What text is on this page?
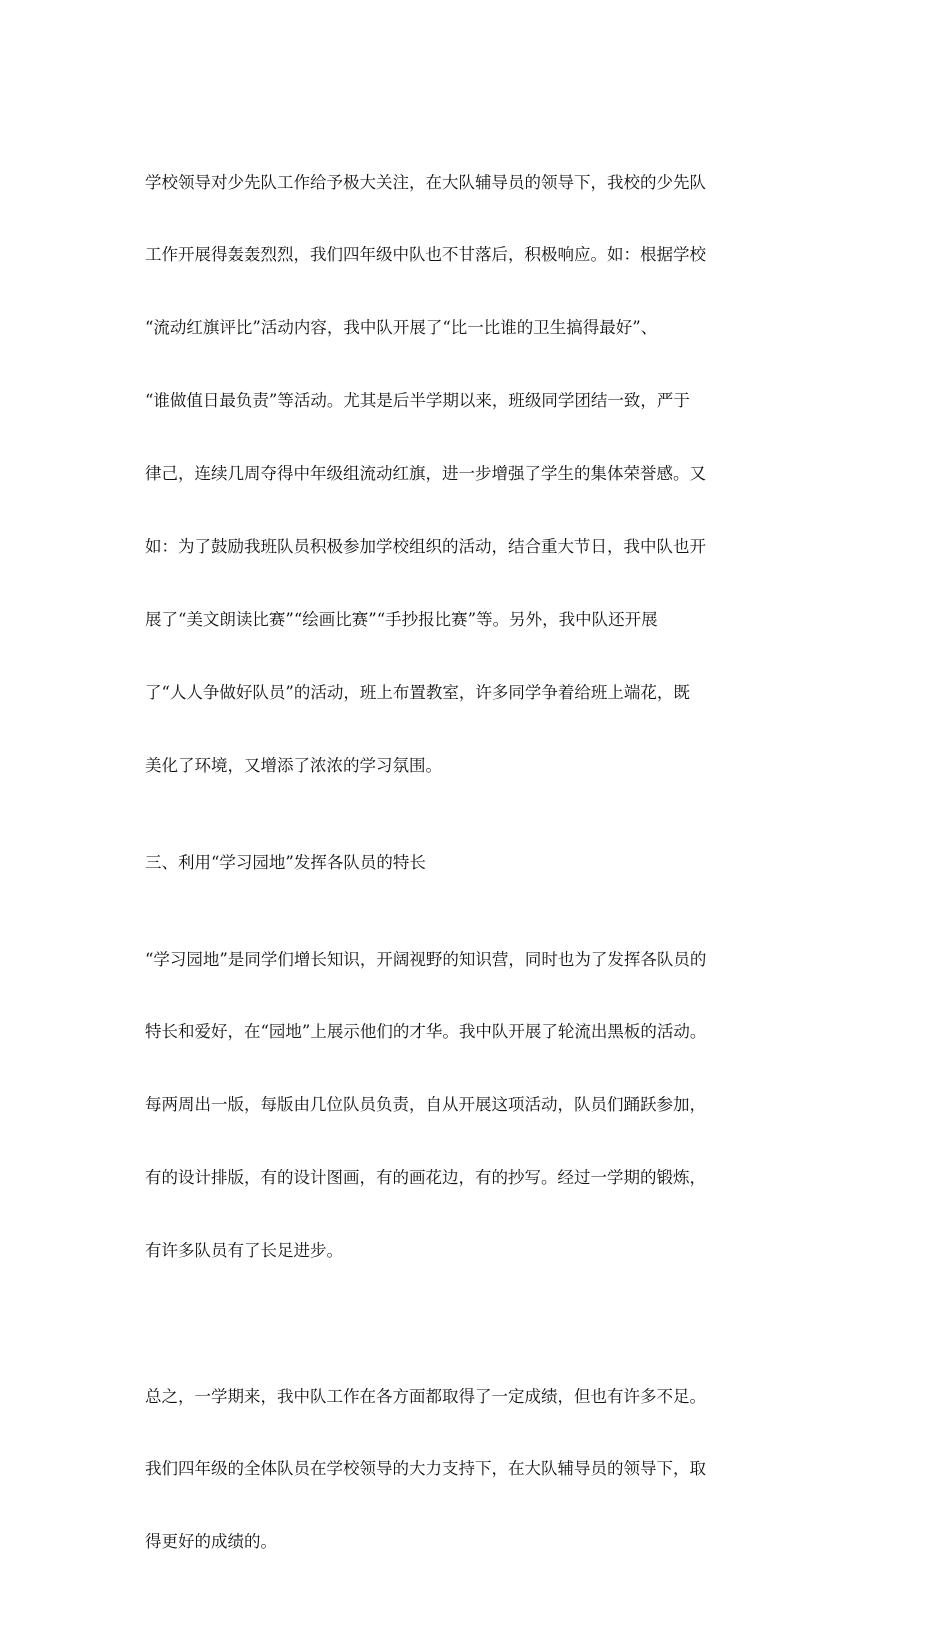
学校领导对少先队工作给予极大关注，在大队辅导员的领导下，我校的少先队

工作开展得轰轰烈烈，我们四年级中队也不甘落后，积极响应。如：根据学校

“流动红旗评比”活动内容，我中队开展了“比一比谁的卫生搞得最好”、

“谁做值日最负责”等活动。尤其是后半学期以来，班级同学团结一致，严于

律己，连续几周夺得中年级组流动红旗，进一步增强了学生的集体荣誉感。又

如：为了鼓励我班队员积极参加学校组织的活动，结合重大节日，我中队也开

展了“美文朗读比赛”“绘画比赛”“手抄报比赛”等。另外，我中队还开展

了“人人争做好队员”的活动，班上布置教室，许多同学争着给班上端花，既

美化了环境，又增添了浓浓的学习氛围。

三、利用“学习园地”发挥各队员的特长

“学习园地”是同学们增长知识，开阔视野的知识营，同时也为了发挥各队员的

特长和爱好，在“园地”上展示他们的才华。我中队开展了轮流出黑板的活动。

每两周出一版，每版由几位队员负责，自从开展这项活动，队员们踊跃参加，

有的设计排版，有的设计图画，有的画花边，有的抄写。经过一学期的锻炼，

有许多队员有了长足进步。

总之，一学期来，我中队工作在各方面都取得了一定成绩，但也有许多不足。

我们四年级的全体队员在学校领导的大力支持下，在大队辅导员的领导下，取

得更好的成绩的。
